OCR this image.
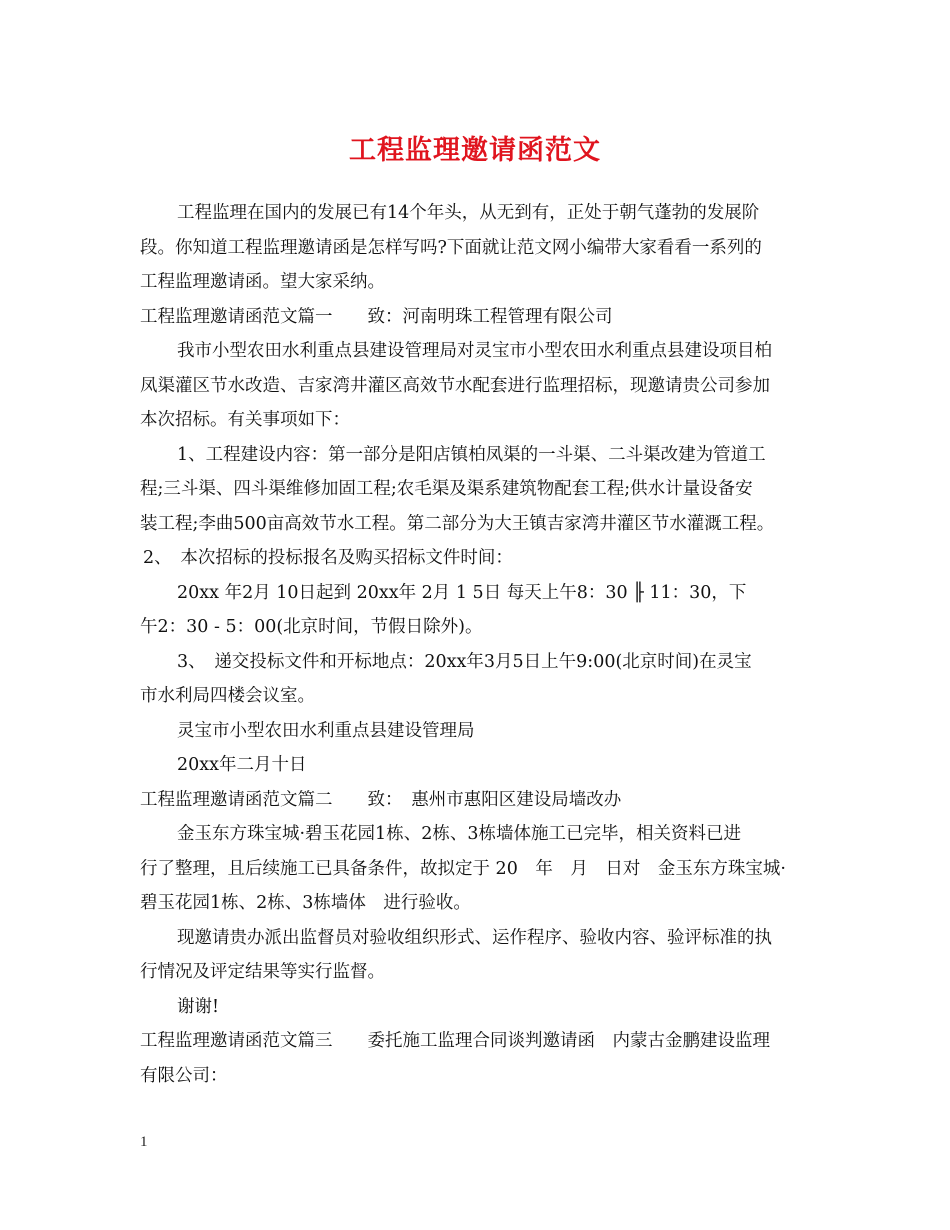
工程监理邀请函范文
工程监理在国内的发展已有14个年头，从无到有，正处于朝气蓬勃的发展阶
段。你知道工程监理邀请函是怎样写吗?下面就让范文网小编带大家看看一系列的
工程监理邀请函。望大家采纳。
工程监理邀请函范文篇一　　致：河南明珠工程管理有限公司
我市小型农田水利重点县建设管理局对灵宝市小型农田水利重点县建设项目柏
凤渠灌区节水改造、吉家湾井灌区高效节水配套进行监理招标，现邀请贵公司参加
本次招标。有关事项如下：
1、工程建设内容：第一部分是阳店镇柏凤渠的一斗渠、二斗渠改建为管道工
程;三斗渠、四斗渠维修加固工程;农毛渠及渠系建筑物配套工程;供水计量设备安
装工程;李曲500亩高效节水工程。第二部分为大王镇吉家湾井灌区节水灌溉工程。
2、　本次招标的投标报名及购买招标文件时间：
20xx 年2月 10日起到 20xx年 2月 1 5日 每天上午8：30 ╟ 11：30，下
午2：30 - 5：00(北京时间，节假日除外)。
3、　递交投标文件和开标地点：20xx年3月5日上午9:00(北京时间)在灵宝
市水利局四楼会议室。
灵宝市小型农田水利重点县建设管理局
20xx年二月十日
工程监理邀请函范文篇二　　致：　惠州市惠阳区建设局墙改办
金玉东方珠宝城·碧玉花园1栋、2栋、3栋墙体施工已完毕，相关资料已进
行了整理，且后续施工已具备条件，故拟定于 20　年　月　日对　金玉东方珠宝城·
碧玉花园1栋、2栋、3栋墙体　进行验收。
现邀请贵办派出监督员对验收组织形式、运作程序、验收内容、验评标准的执
行情况及评定结果等实行监督。
谢谢!
工程监理邀请函范文篇三　　委托施工监理合同谈判邀请函　内蒙古金鹏建设监理
有限公司：
1
